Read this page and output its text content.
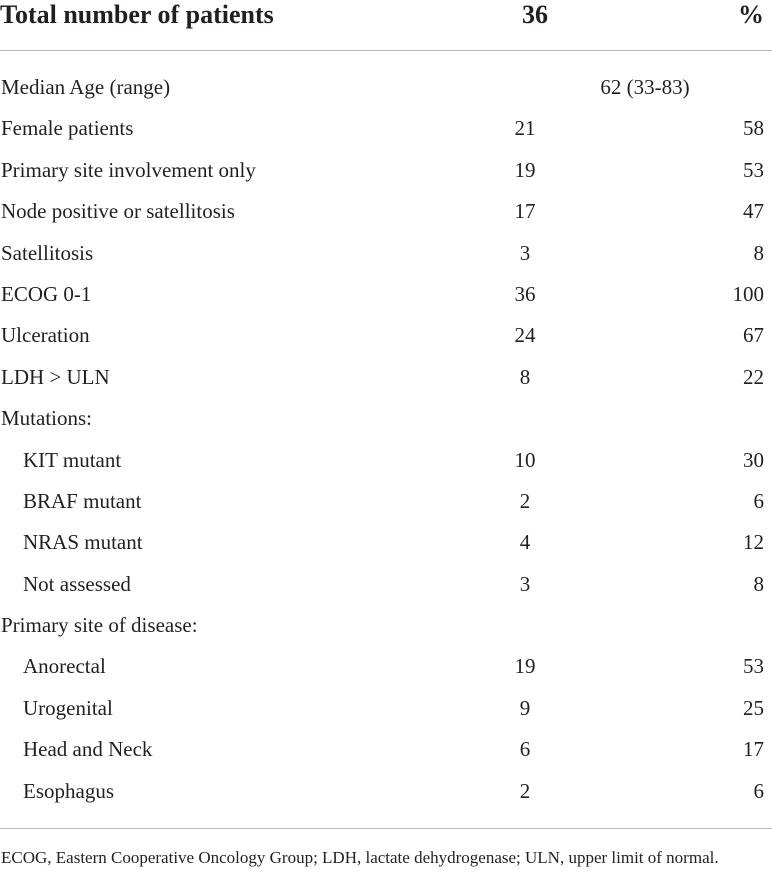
Total number of patients	36	%
Median Age (range)	62 (33-83)
Female patients	21	58
Primary site involvement only	19	53
Node positive or satellitosis	17	47
Satellitosis	3	8
ECOG 0-1	36	100
Ulceration	24	67
LDH > ULN	8	22
Mutations:
KIT mutant	10	30
BRAF mutant	2	6
NRAS mutant	4	12
Not assessed	3	8
Primary site of disease:
Anorectal	19	53
Urogenital	9	25
Head and Neck	6	17
Esophagus	2	6
ECOG, Eastern Cooperative Oncology Group; LDH, lactate dehydrogenase; ULN, upper limit of normal.
